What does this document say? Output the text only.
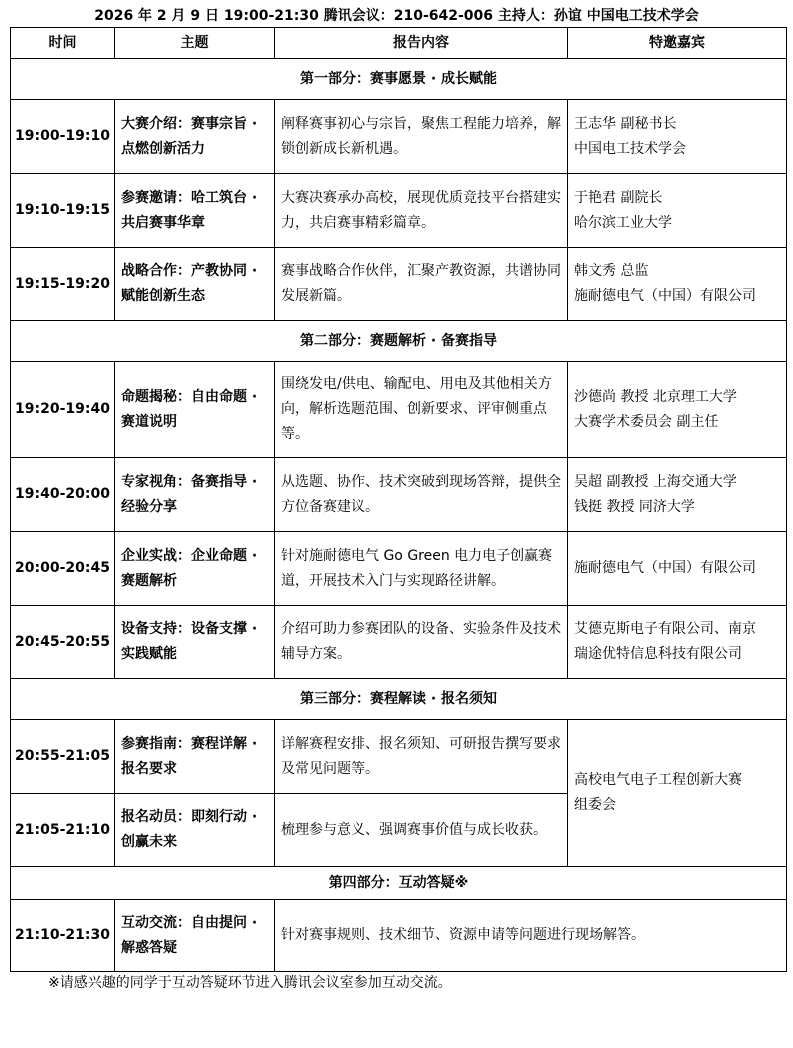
2026 年 2 月 9 日 19:00-21:30 腾讯会议：210-642-006 主持人：孙谊 中国电工技术学会
时间	主题	报告内容	特邀嘉宾
第一部分：赛事愿景 · 成长赋能			
19:00-19:10	大赛介绍：赛事宗旨 · 点燃创新活力	阐释赛事初心与宗旨，聚焦工程能力培养，解锁创新成长新机遇。	王志华 副秘书长
中国电工技术学会

19:10-19:15	参赛邀请：哈工筑台 · 共启赛事华章	大赛决赛承办高校，展现优质竞技平台搭建实力，共启赛事精彩篇章。	于艳君 副院长
哈尔滨工业大学

19:15-19:20	战略合作：产教协同 · 赋能创新生态	赛事战略合作伙伴，汇聚产教资源，共谱协同发展新篇。	韩文秀 总监
施耐德电气（中国）有限公司

第二部分：赛题解析 · 备赛指导			
19:20-19:40	命题揭秘：自由命题 · 赛道说明	围绕发电/供电、输配电、用电及其他相关方向，解析选题范围、创新要求、评审侧重点等。	沙德尚 教授 北京理工大学
大赛学术委员会 副主任

19:40-20:00	专家视角：备赛指导 · 经验分享	从选题、协作、技术突破到现场答辩，提供全方位备赛建议。	吴超 副教授 上海交通大学
钱挺 教授 同济大学

20:00-20:45	企业实战：企业命题 · 赛题解析	针对施耐德电气 Go Green 电力电子创赢赛道，开展技术入门与实现路径讲解。	施耐德电气（中国）有限公司

20:45-20:55	设备支持：设备支撑 · 实践赋能	介绍可助力参赛团队的设备、实验条件及技术辅导方案。	艾德克斯电子有限公司、南京
瑞途优特信息科技有限公司

第三部分：赛程解读 · 报名须知			
20:55-21:05	参赛指南：赛程详解 · 报名要求	详解赛程安排、报名须知、可研报告撰写要求及常见问题等。	高校电气电子工程创新大赛
组委会

21:05-21:10	报名动员：即刻行动 · 创赢未来	梳理参与意义、强调赛事价值与成长收获。	
第四部分：互动答疑※			
21:10-21:30	互动交流：自由提问 · 解惑答疑	针对赛事规则、技术细节、资源申请等问题进行现场解答。	
※请感兴趣的同学于互动答疑环节进入腾讯会议室参加互动交流。
